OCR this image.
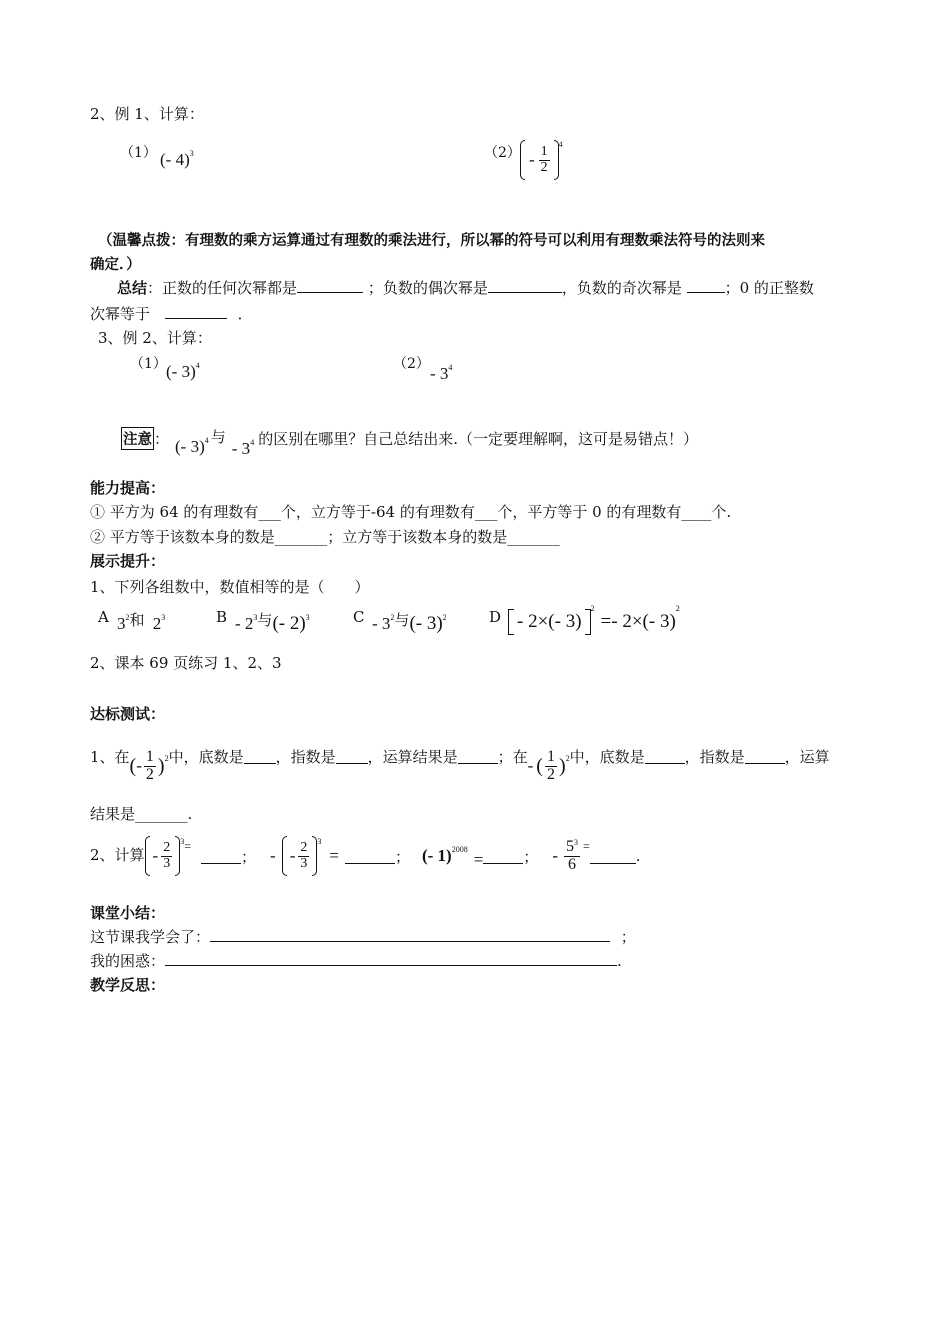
2、例 1、计算：
（1） (- 4)$^3$	$(2) - \frac{1}{2}$
4
（温馨点拨：有理数的乘方运算通过有理数的乘法进行，所以幂的符号可以利用有理数乘法符号的法则来
确定．）
总结：正数的任何次幂都是	；负数的偶次幂是	，负数的奇次幂是	；0 的正整数
次幂等于	．
3、例 2、计算：
（1） (- 3)$^4$	$(2) - 3^4$
注意 ： (- 3)$^4$ 与
- $3^4$ 的区别在哪里？自己总结出来.（一定要理解啊，这可是易错点！）
能力提高：
① 平方为 64 的有理数有___个，立方等于-64 的有理数有___个，平方等于 0 的有理数有____个.
② 平方等于该数本身的数是_______；立方等于该数本身的数是_______
展示提升：
1、下列各组数中，数值相等的是（　　）
A $3^2$和 $2^3$	B - $2^3$与(- 2)$^3$	C - $3^2$与(- 3)$^2$	D - 2×(- 3)
2
=- 2×(- 3)
2
2、课本 69 页练习 1、2、3
达标测试：
1、在 ( - $\frac{1}{2}$ ) 2 中，底数是 ，指数是 ，运算结果是	；在 - ( $\frac{1}{2}$ ) 2 中，底数是	，指数是	，运算
结果是_______.
2、计算 - $\frac{2}{3} 3$ =
； - - $\frac{2}{3} 3$
=	； (- 1)$^{2008}$
=	； - $\frac{5^3}{6}$ =
.
课堂小结：
这节课我学会了：	；
我的困惑：	.
教学反思：
